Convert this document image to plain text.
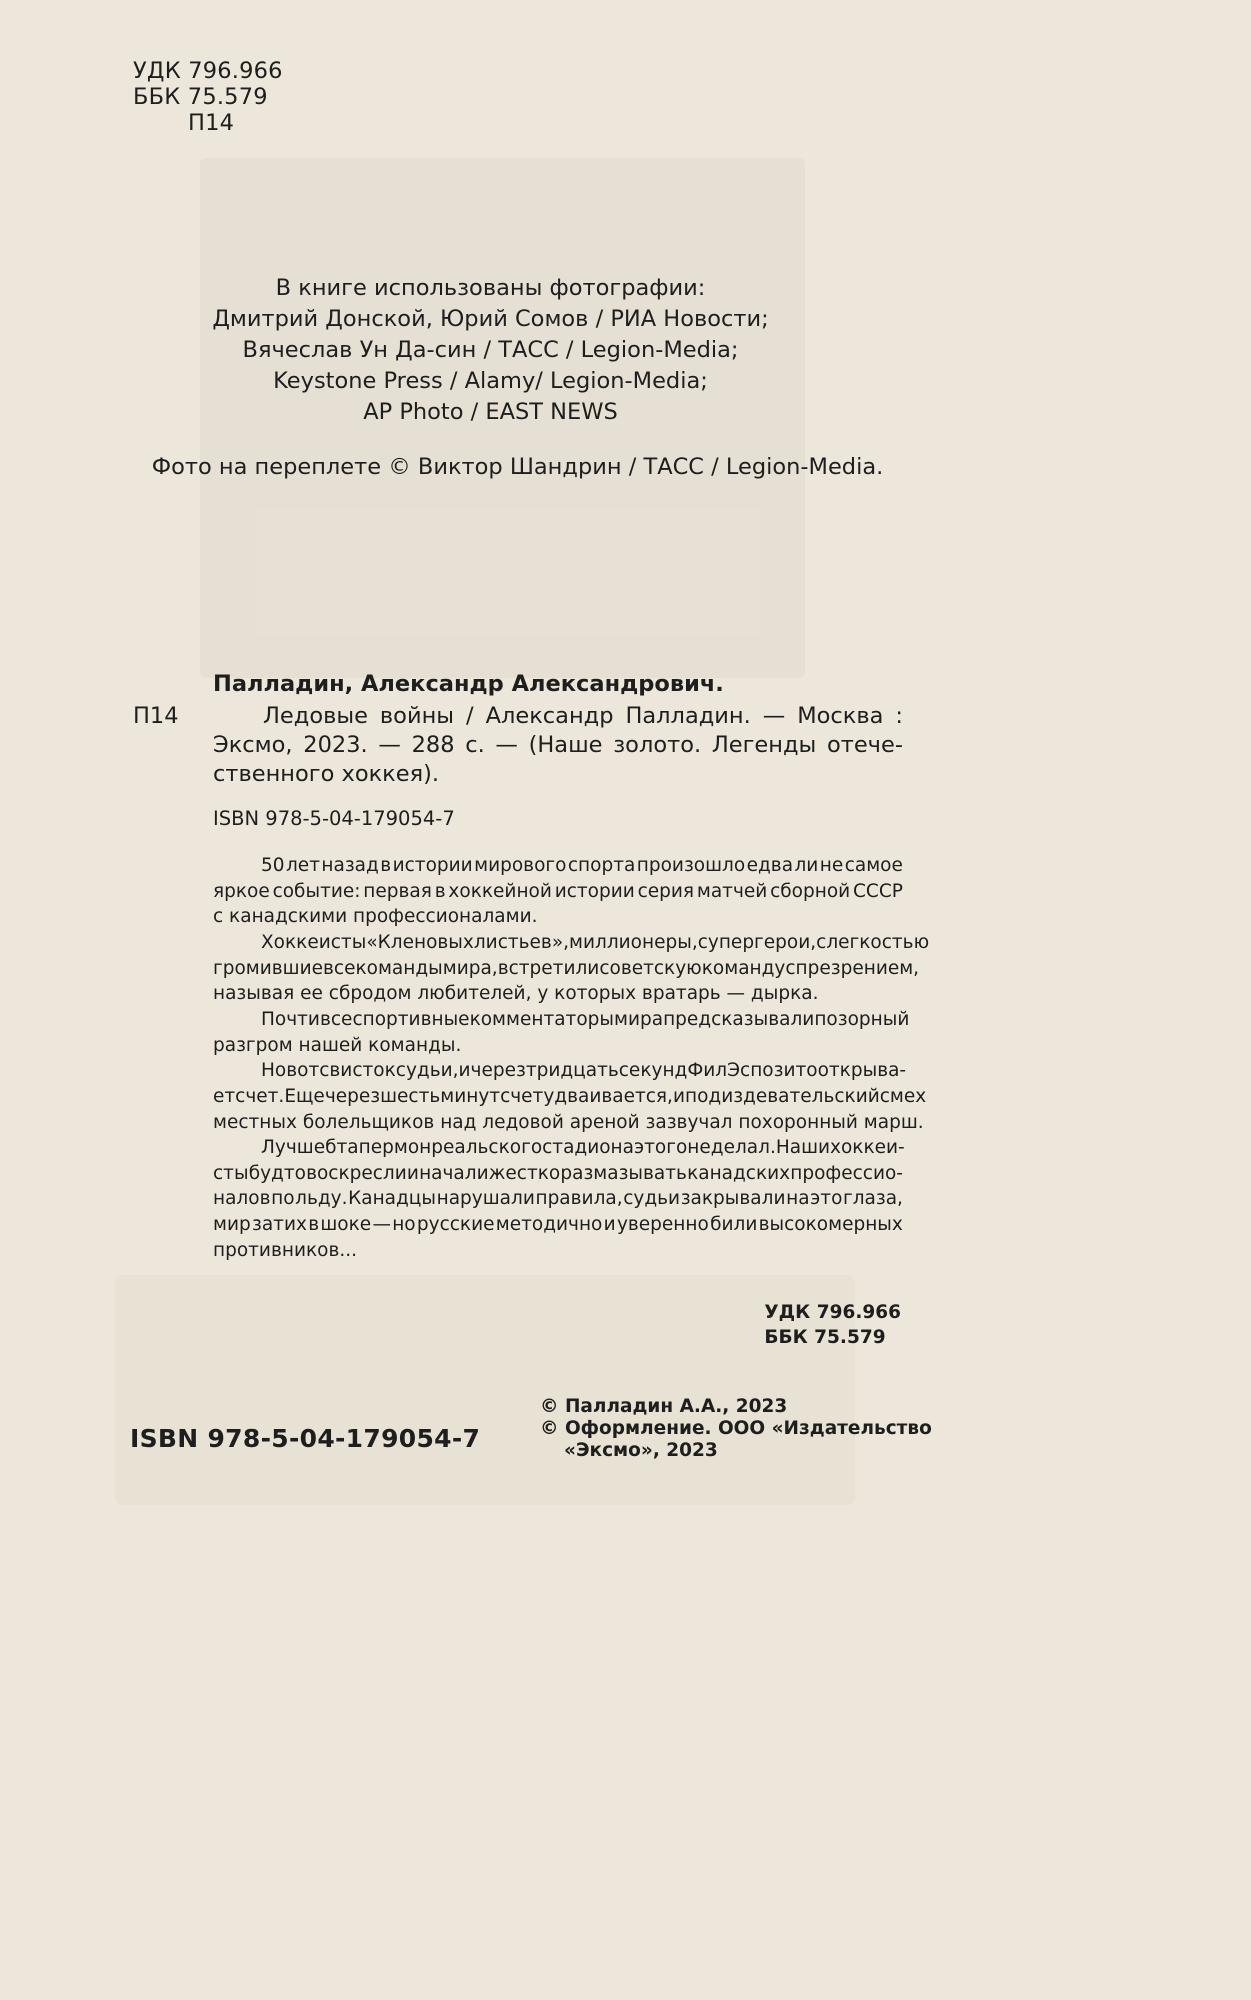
УДК 796.966
ББК 75.579
П14
В книге использованы фотографии:
Дмитрий Донской, Юрий Сомов / РИА Новости;
Вячеслав Ун Да-син / ТАСС / Legion-Media;
Keystone Press / Alamy/ Legion-Media;
AP Photo / EAST NEWS
Фото на переплете © Виктор Шандрин / ТАСС / Legion-Media.
Палладин, Александр Александрович.
П14	Ледовые войны / Александр Палладин. — Москва :
Эксмо, 2023. — 288 с. — (Наше золото. Легенды отече-
ственного хоккея).
ISBN 978-5-04-179054-7

50 лет назад в истории мирового спорта произошло едва ли не самое
яркое событие: первая в хоккейной истории серия матчей сборной СССР
с канадскими профессионалами.

Хоккеисты «Кленовых листьев», миллионеры, супергерои, с легкостью
громившие все команды мира, встретили советскую команду с презрением,
называя ее сбродом любителей, у которых вратарь — дырка.

Почти все спортивные комментаторы мира предсказывали позорный
разгром нашей команды.

Но вот свисток судьи, и через тридцать секунд Фил Эспозито открыва-
ет счет. Еще через шесть минут счет удваивается, и под издевательский смех
местных болельщиков над ледовой ареной зазвучал похоронный марш.

Лучше б тапер монреальского стадиона этого не делал. Наши хоккеи-
сты будто воскресли и начали жестко размазывать канадских профессио-
налов по льду. Канадцы нарушали правила, судьи закрывали на это глаза,
мир затих в шоке — но русские методично и уверенно били высокомерных
противников...

УДК 796.966
ББК 75.579
ISBN 978-5-04-179054-7
© Палладин А.А., 2023
© Оформление. ООО «Издательство
«Эксмо», 2023
